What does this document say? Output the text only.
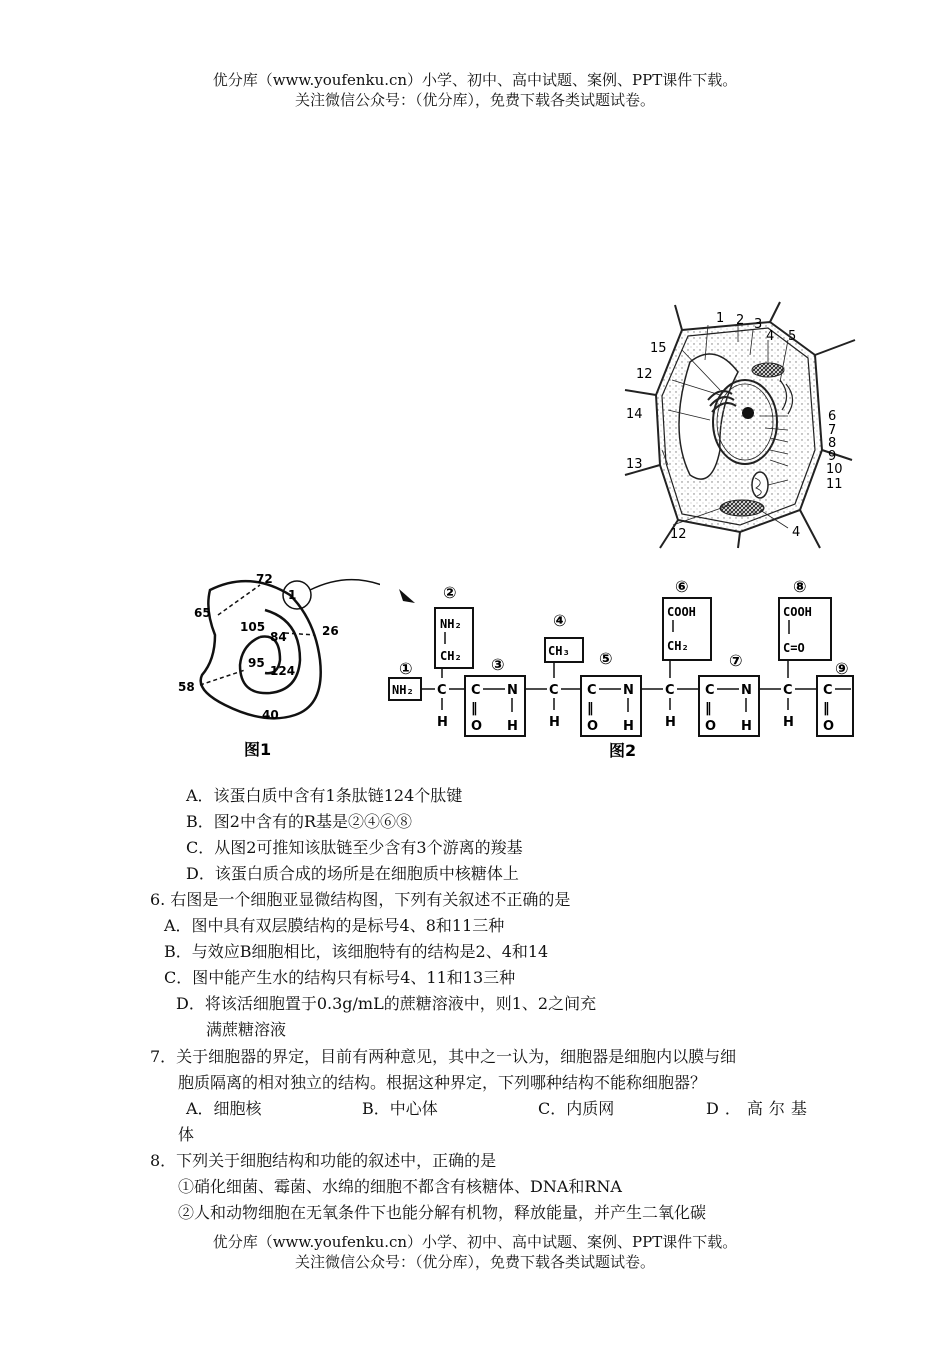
优分库（www.youfenku.cn）小学、初中、高中试题、案例、PPT课件下载。
关注微信公众号：（优分库），免费下载各类试题试卷。
1 2 3
4 5
6
7
8
9
10
11
12
13
14
15
12	4
72
1
65
105
84	26
95
124
58
40
图1
①
②
③
④
⑤
⑥
⑦
⑧
⑨
NH₂ C
NH₂
CH₂
H
C N
‖
O H
C
CH₃
H
C N
‖
O H
C
COOH
CH₂
H
C N
‖
O H
C
COOH
C=O
H
C
‖
O
图2
A．该蛋白质中含有1条肽链124个肽键
B．图2中含有的R基是②④⑥⑧
C．从图2可推知该肽链至少含有3个游离的羧基
D．该蛋白质合成的场所是在细胞质中核糖体上
6. 右图是一个细胞亚显微结构图，下列有关叙述不正确的是
A．图中具有双层膜结构的是标号4、8和11三种
B．与效应B细胞相比，该细胞特有的结构是2、4和14
C．图中能产生水的结构只有标号4、11和13三种
D．将该活细胞置于0.3g/mL的蔗糖溶液中，则1、2之间充
满蔗糖溶液
7．关于细胞器的界定，目前有两种意见，其中之一认为，细胞器是细胞内以膜与细
胞质隔离的相对独立的结构。根据这种界定，下列哪种结构不能称细胞器？
A．细胞核	B．中心体	C．内质网	D．高尔基
体
8．下列关于细胞结构和功能的叙述中，正确的是
①硝化细菌、霉菌、水绵的细胞不都含有核糖体、DNA和RNA
②人和动物细胞在无氧条件下也能分解有机物，释放能量，并产生二氧化碳
优分库（www.youfenku.cn）小学、初中、高中试题、案例、PPT课件下载。
关注微信公众号：（优分库），免费下载各类试题试卷。
